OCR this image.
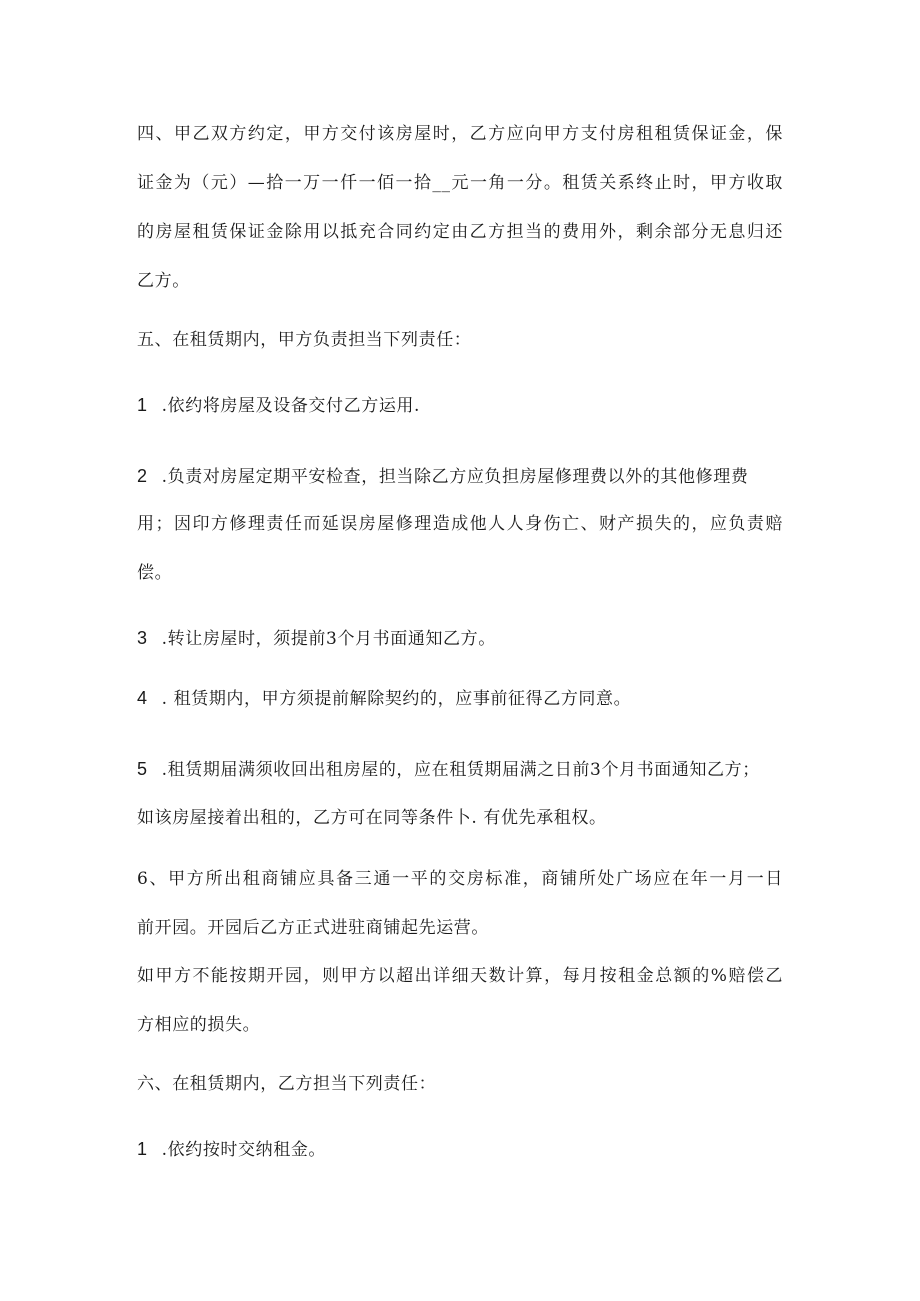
四、甲乙双方约定，甲方交付该房屋时，乙方应向甲方支付房租租赁保证金，保
证金为（元）—拾一万一仟一佰一拾__元一角一分。租赁关系终止时，甲方收取
的房屋租赁保证金除用以抵充合同约定由乙方担当的费用外，剩余部分无息归还
乙方。
五、在租赁期内，甲方负责担当下列责任：
1 .依约将房屋及设备交付乙方运用.
2 .负责对房屋定期平安检查，担当除乙方应负担房屋修理费以外的其他修理费
用；因印方修理责任而延误房屋修理造成他人人身伤亡、财产损失的，应负责赔
偿。
3 .转让房屋时，须提前3个月书面通知乙方。
4 . 租赁期内，甲方须提前解除契约的，应事前征得乙方同意。
5 .租赁期届满须收回出租房屋的，应在租赁期届满之日前3个月书面通知乙方；
如该房屋接着出租的，乙方可在同等条件卜. 有优先承租权。
6、甲方所出租商铺应具备三通一平的交房标准，商铺所处广场应在年一月一日
前开园。开园后乙方正式进驻商铺起先运营。
如甲方不能按期开园，则甲方以超出详细天数计算，每月按租金总额的%赔偿乙
方相应的损失。
六、在租赁期内，乙方担当下列责任：
1 .依约按时交纳租金。
